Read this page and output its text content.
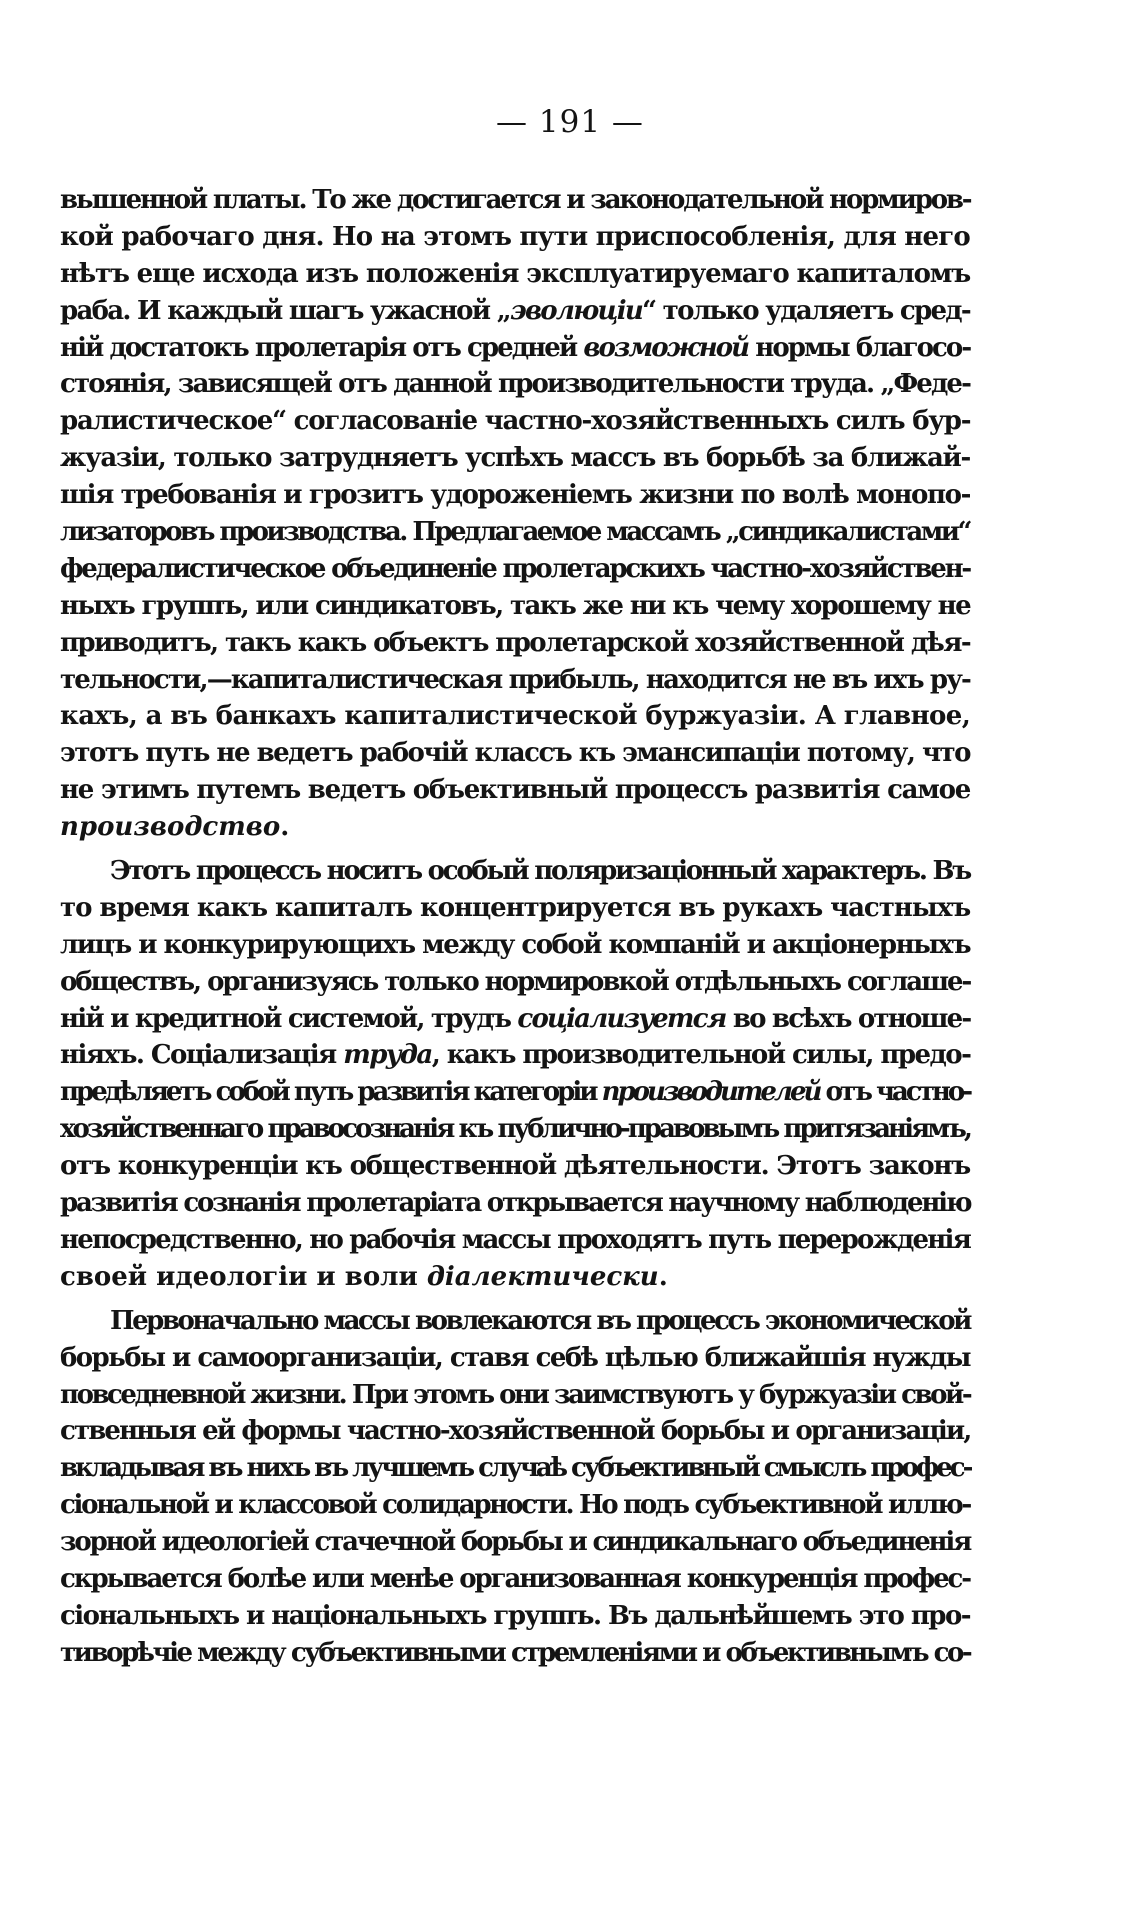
— 191 —
вышенной платы. То же достигается и законодательной нормиров-
кой рабочаго дня. Но на этомъ пути приспособленія, для него
нѣтъ еще исхода изъ положенія эксплуатируемаго капиталомъ
раба. И каждый шагъ ужасной „эволюціи“ только удаляетъ сред-
ній достатокъ пролетарія отъ средней возможной нормы благосо-
стоянія, зависящей отъ данной производительности труда. „Феде-
ралистическое“ согласованіе частно-хозяйственныхъ силъ бур-
жуазіи, только затрудняетъ успѣхъ массъ въ борьбѣ за ближай-
шія требованія и грозитъ удорожeніемъ жизни по волѣ монопо-
лизаторовъ производства. Предлагаемое массамъ „синдикалистами“
федералистическое объединеніе пролетарскихъ частно-хозяйствен-
ныхъ группъ, или синдикатовъ, такъ же ни къ чему хорошему не
приводитъ, такъ какъ объектъ пролетарской хозяйственной дѣя-
тельности,—капиталистическая прибыль, находится не въ ихъ ру-
кахъ, а въ банкахъ капиталистической буржуазіи. А главное,
этотъ путь не ведетъ рабочій классъ къ эмансипаціи потому, что
не этимъ путемъ ведетъ объективный процессъ развитія самое
производство.
Этотъ процессъ носитъ особый поляризаціонный характеръ. Въ
то время какъ капиталъ концентрируется въ рукахъ частныхъ
лицъ и конкурирующихъ между собой компаній и акціонерныхъ
обществъ, организуясь только нормировкой отдѣльныхъ соглаше-
ній и кредитной системой, трудъ соціализуется во всѣхъ отноше-
ніяхъ. Соціализація труда, какъ производительной силы, предо-
предѣляетъ собой путь развитія категоріи производителей отъ частно-
хозяйственнаго правосознанія къ публично-правовымъ притязаніямъ,
отъ конкуренціи къ общественной дѣятельности. Этотъ законъ
развитія сознанія пролетаріата открывается научному наблюденію
непосредственно, но рабочія массы проходятъ путь перерожденія
своей идеологіи и воли діалектически.
Первоначально массы вовлекаются въ процессъ экономической
борьбы и самоорганизаціи, ставя себѣ цѣлью ближайшія нужды
повседневной жизни. При этомъ они заимствуютъ у буржуазіи свой-
ственныя ей формы частно-хозяйственной борьбы и организаціи,
вкладывая въ нихъ въ лучшемъ случаѣ субъективный смыслъ профес-
сіональной и классовой солидарности. Но подъ субъективной иллю-
зорной идеологіей стачечной борьбы и синдикальнаго объединенія
скрывается болѣе или менѣе организованная конкуренція профес-
сіональныхъ и національныхъ группъ. Въ дальнѣйшемъ это про-
тиворѣчіе между субъективными стремленіями и объективнымъ со-
